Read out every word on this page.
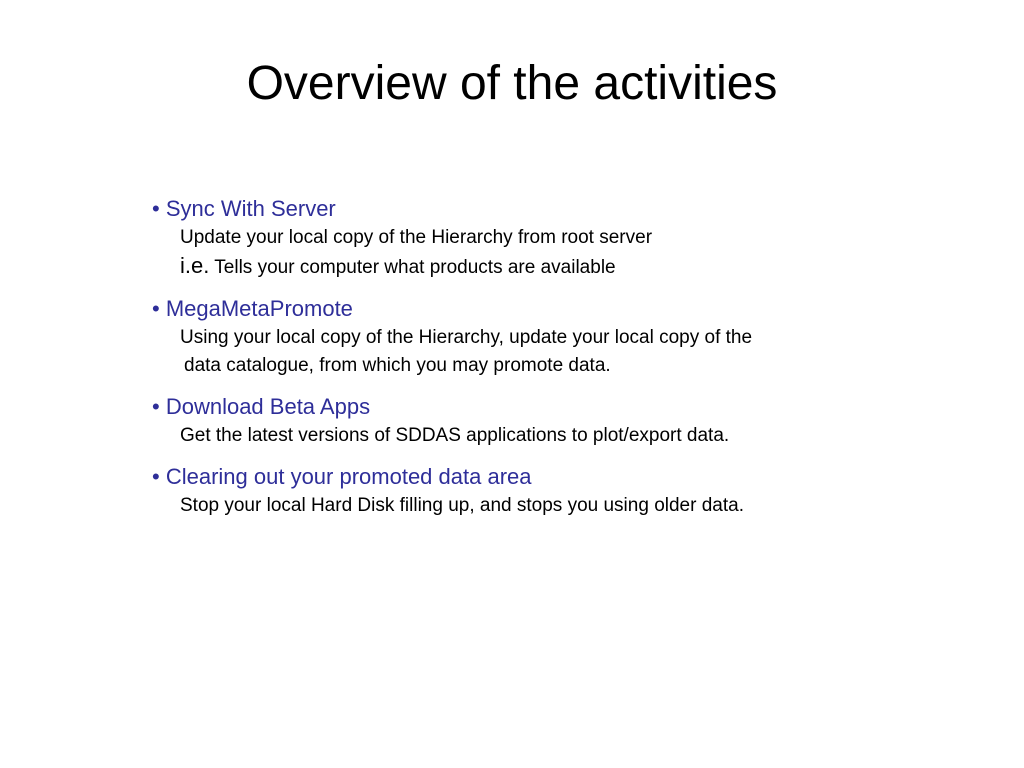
Overview of the activities
• Sync With Server

Update your local copy of the Hierarchy from root server

i.e. Tells your computer what products are available

• MegaMetaPromote

Using your local copy of the Hierarchy, update your local copy of the
data catalogue, from which you may promote data.

• Download Beta Apps

Get the latest versions of SDDAS applications to plot/export data.

• Clearing out your promoted data area

Stop your local Hard Disk filling up, and stops you using older data.
